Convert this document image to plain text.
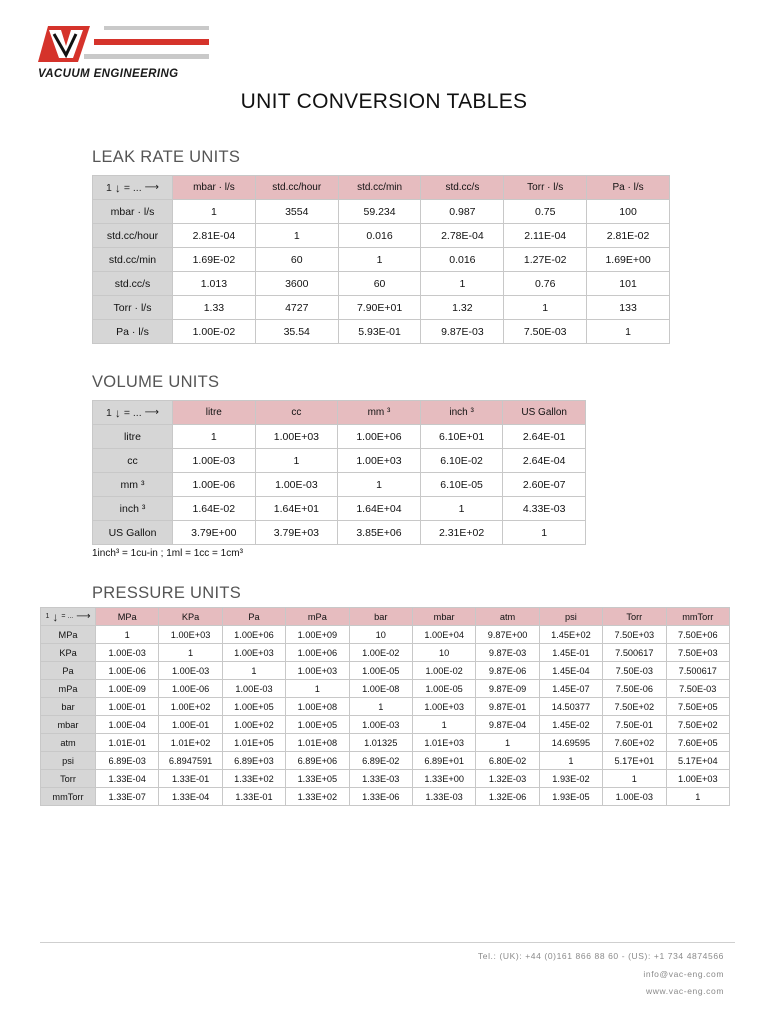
VACUUM ENGINEERING
UNIT CONVERSION TABLES
LEAK RATE UNITS
1 ↓ = ... ⟶	mbar · l/s	std.cc/hour	std.cc/min	std.cc/s	Torr · l/s	Pa · l/s
mbar · l/s	1	3554	59.234	0.987	0.75	100
std.cc/hour	2.81E-04	1	0.016	2.78E-04	2.11E-04	2.81E-02
std.cc/min	1.69E-02	60	1	0.016	1.27E-02	1.69E+00
std.cc/s	1.013	3600	60	1	0.76	101
Torr · l/s	1.33	4727	7.90E+01	1.32	1	133
Pa · l/s	1.00E-02	35.54	5.93E-01	9.87E-03	7.50E-03	1
VOLUME UNITS
1 ↓ = ... ⟶	litre	cc	mm ³	inch ³	US Gallon
litre	1	1.00E+03	1.00E+06	6.10E+01	2.64E-01
cc	1.00E-03	1	1.00E+03	6.10E-02	2.64E-04
mm ³	1.00E-06	1.00E-03	1	6.10E-05	2.60E-07
inch ³	1.64E-02	1.64E+01	1.64E+04	1	4.33E-03
US Gallon	3.79E+00	3.79E+03	3.85E+06	2.31E+02	1
1inch³ = 1cu-in ; 1ml = 1cc = 1cm³
PRESSURE UNITS
1 ↓ = ... ⟶	MPa	KPa	Pa	mPa	bar	mbar	atm	psi	Torr	mmTorr
MPa	1	1.00E+03	1.00E+06	1.00E+09	10	1.00E+04	9.87E+00	1.45E+02	7.50E+03	7.50E+06
KPa	1.00E-03	1	1.00E+03	1.00E+06	1.00E-02	10	9.87E-03	1.45E-01	7.500617	7.50E+03
Pa	1.00E-06	1.00E-03	1	1.00E+03	1.00E-05	1.00E-02	9.87E-06	1.45E-04	7.50E-03	7.500617
mPa	1.00E-09	1.00E-06	1.00E-03	1	1.00E-08	1.00E-05	9.87E-09	1.45E-07	7.50E-06	7.50E-03
bar	1.00E-01	1.00E+02	1.00E+05	1.00E+08	1	1.00E+03	9.87E-01	14.50377	7.50E+02	7.50E+05
mbar	1.00E-04	1.00E-01	1.00E+02	1.00E+05	1.00E-03	1	9.87E-04	1.45E-02	7.50E-01	7.50E+02
atm	1.01E-01	1.01E+02	1.01E+05	1.01E+08	1.01325	1.01E+03	1	14.69595	7.60E+02	7.60E+05
psi	6.89E-03	6.8947591	6.89E+03	6.89E+06	6.89E-02	6.89E+01	6.80E-02	1	5.17E+01	5.17E+04
Torr	1.33E-04	1.33E-01	1.33E+02	1.33E+05	1.33E-03	1.33E+00	1.32E-03	1.93E-02	1	1.00E+03
mmTorr	1.33E-07	1.33E-04	1.33E-01	1.33E+02	1.33E-06	1.33E-03	1.32E-06	1.93E-05	1.00E-03	1
Tel.: (UK): +44 (0)161 866 88 60 - (US): +1 734 4874566
info@vac-eng.com
www.vac-eng.com
